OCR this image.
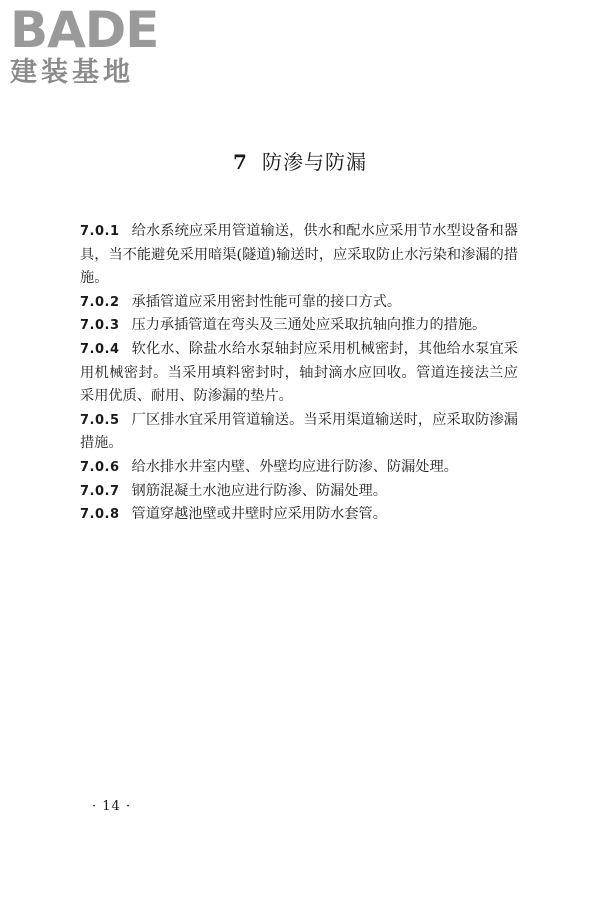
BADE
建装基地
7 防渗与防漏

7.0.1 给水系统应采用管道输送，供水和配水应采用节水型设备和器具，当不能避免采用暗渠(隧道)输送时，应采取防止水污染和渗漏的措施。

7.0.2 承插管道应采用密封性能可靠的接口方式。

7.0.3 压力承插管道在弯头及三通处应采取抗轴向推力的措施。

7.0.4 软化水、除盐水给水泵轴封应采用机械密封，其他给水泵宜采用机械密封。当采用填料密封时，轴封滴水应回收。管道连接法兰应采用优质、耐用、防渗漏的垫片。

7.0.5 厂区排水宜采用管道输送。当采用渠道输送时，应采取防渗漏措施。

7.0.6 给水排水井室内壁、外壁均应进行防渗、防漏处理。

7.0.7 钢筋混凝土水池应进行防渗、防漏处理。

7.0.8 管道穿越池壁或井壁时应采用防水套管。

· 14 ·
